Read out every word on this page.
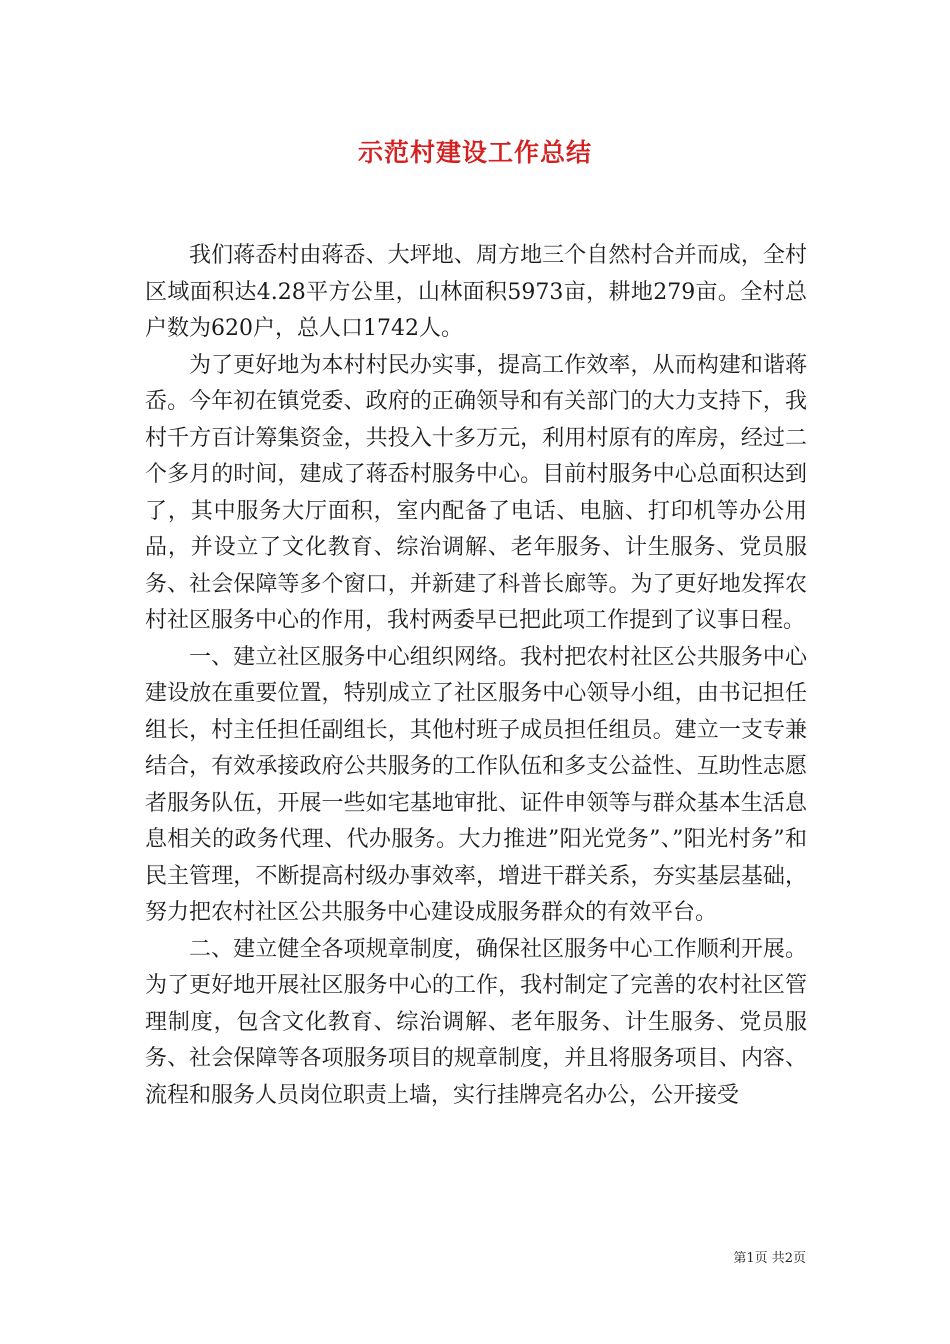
示范村建设工作总结

我们蒋岙村由蒋岙、大坪地、周方地三个自然村合并而成，全村区域面积达4.28平方公里，山林面积5973亩，耕地279亩。全村总户数为620户，总人口1742人。

为了更好地为本村村民办实事，提高工作效率，从而构建和谐蒋岙。今年初在镇党委、政府的正确领导和有关部门的大力支持下，我村千方百计筹集资金，共投入十多万元，利用村原有的库房，经过二个多月的时间，建成了蒋岙村服务中心。目前村服务中心总面积达到了，其中服务大厅面积，室内配备了电话、电脑、打印机等办公用品，并设立了文化教育、综治调解、老年服务、计生服务、党员服务、社会保障等多个窗口，并新建了科普长廊等。为了更好地发挥农村社区服务中心的作用，我村两委早已把此项工作提到了议事日程。

一、建立社区服务中心组织网络。我村把农村社区公共服务中心建设放在重要位置，特别成立了社区服务中心领导小组，由书记担任组长，村主任担任副组长，其他村班子成员担任组员。建立一支专兼结合，有效承接政府公共服务的工作队伍和多支公益性、互助性志愿者服务队伍，开展一些如宅基地审批、证件申领等与群众基本生活息息相关的政务代理、代办服务。大力推进”阳光党务”、”阳光村务”和民主管理，不断提高村级办事效率，增进干群关系，夯实基层基础，努力把农村社区公共服务中心建设成服务群众的有效平台。

二、建立健全各项规章制度，确保社区服务中心工作顺利开展。为了更好地开展社区服务中心的工作，我村制定了完善的农村社区管理制度，包含文化教育、综治调解、老年服务、计生服务、党员服务、社会保障等各项服务项目的规章制度，并且将服务项目、内容、流程和服务人员岗位职责上墙，实行挂牌亮名办公，公开接受

第1页 共2页
